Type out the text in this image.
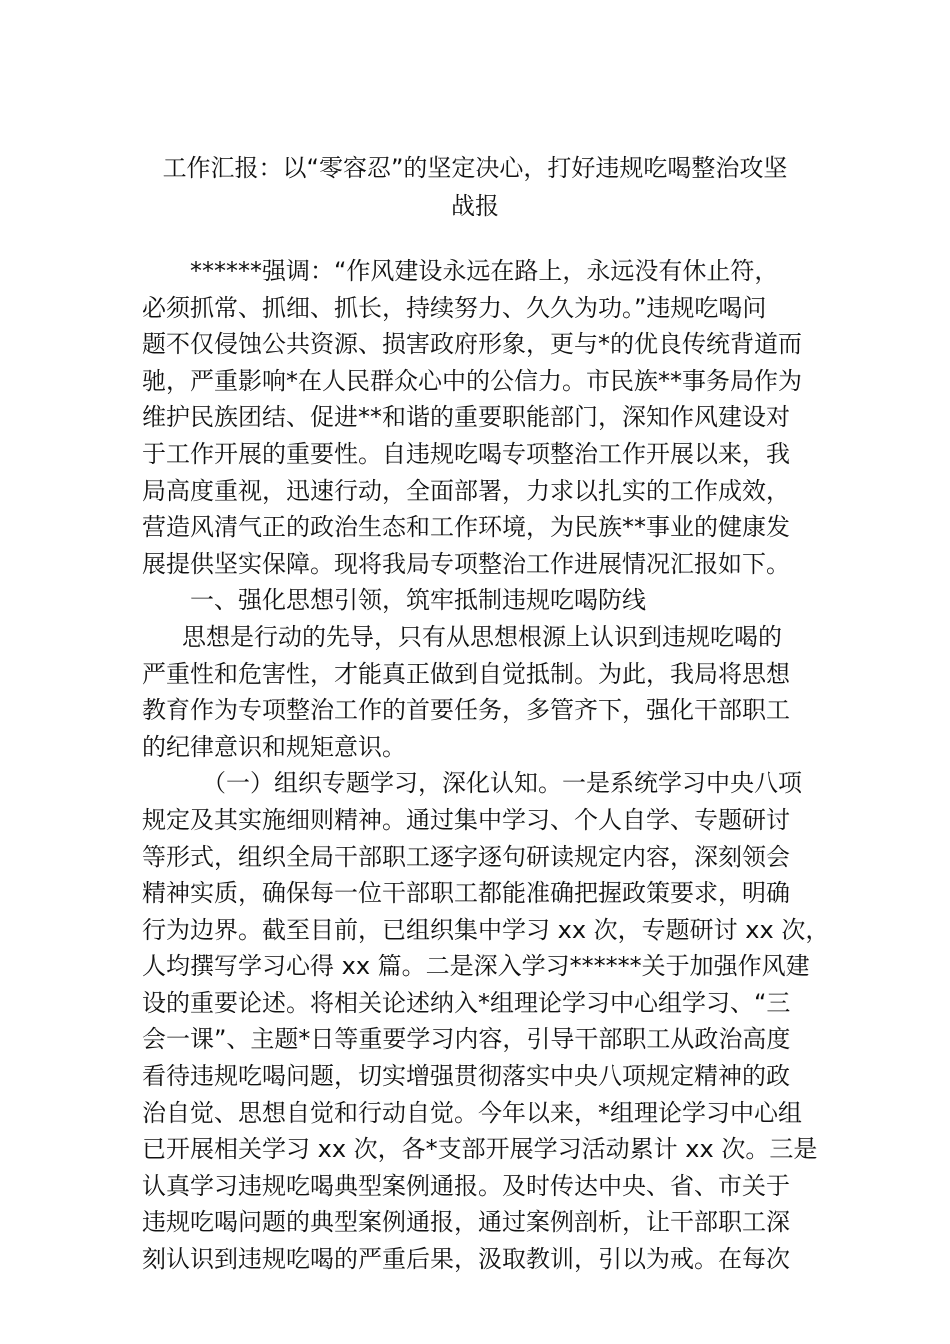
工作汇报：以“零容忍”的坚定决心，打好违规吃喝整治攻坚
战报
******强调：“作风建设永远在路上，永远没有休止符，
必须抓常、抓细、抓长，持续努力、久久为功。”违规吃喝问
题不仅侵蚀公共资源、损害政府形象，更与*的优良传统背道而
驰，严重影响*在人民群众心中的公信力。市民族**事务局作为
维护民族团结、促进**和谐的重要职能部门，深知作风建设对
于工作开展的重要性。自违规吃喝专项整治工作开展以来，我
局高度重视，迅速行动，全面部署，力求以扎实的工作成效，
营造风清气正的政治生态和工作环境，为民族**事业的健康发
展提供坚实保障。现将我局专项整治工作进展情况汇报如下。
一、强化思想引领，筑牢抵制违规吃喝防线
思想是行动的先导，只有从思想根源上认识到违规吃喝的
严重性和危害性，才能真正做到自觉抵制。为此，我局将思想
教育作为专项整治工作的首要任务，多管齐下，强化干部职工
的纪律意识和规矩意识。
（一）组织专题学习，深化认知。一是系统学习中央八项
规定及其实施细则精神。通过集中学习、个人自学、专题研讨
等形式，组织全局干部职工逐字逐句研读规定内容，深刻领会
精神实质，确保每一位干部职工都能准确把握政策要求，明确
行为边界。截至目前，已组织集中学习 xx 次，专题研讨 xx 次，
人均撰写学习心得 xx 篇。二是深入学习******关于加强作风建
设的重要论述。将相关论述纳入*组理论学习中心组学习、“三
会一课”、主题*日等重要学习内容，引导干部职工从政治高度
看待违规吃喝问题，切实增强贯彻落实中央八项规定精神的政
治自觉、思想自觉和行动自觉。今年以来，*组理论学习中心组
已开展相关学习 xx 次，各*支部开展学习活动累计 xx 次。三是
认真学习违规吃喝典型案例通报。及时传达中央、省、市关于
违规吃喝问题的典型案例通报，通过案例剖析，让干部职工深
刻认识到违规吃喝的严重后果，汲取教训，引以为戒。在每次
